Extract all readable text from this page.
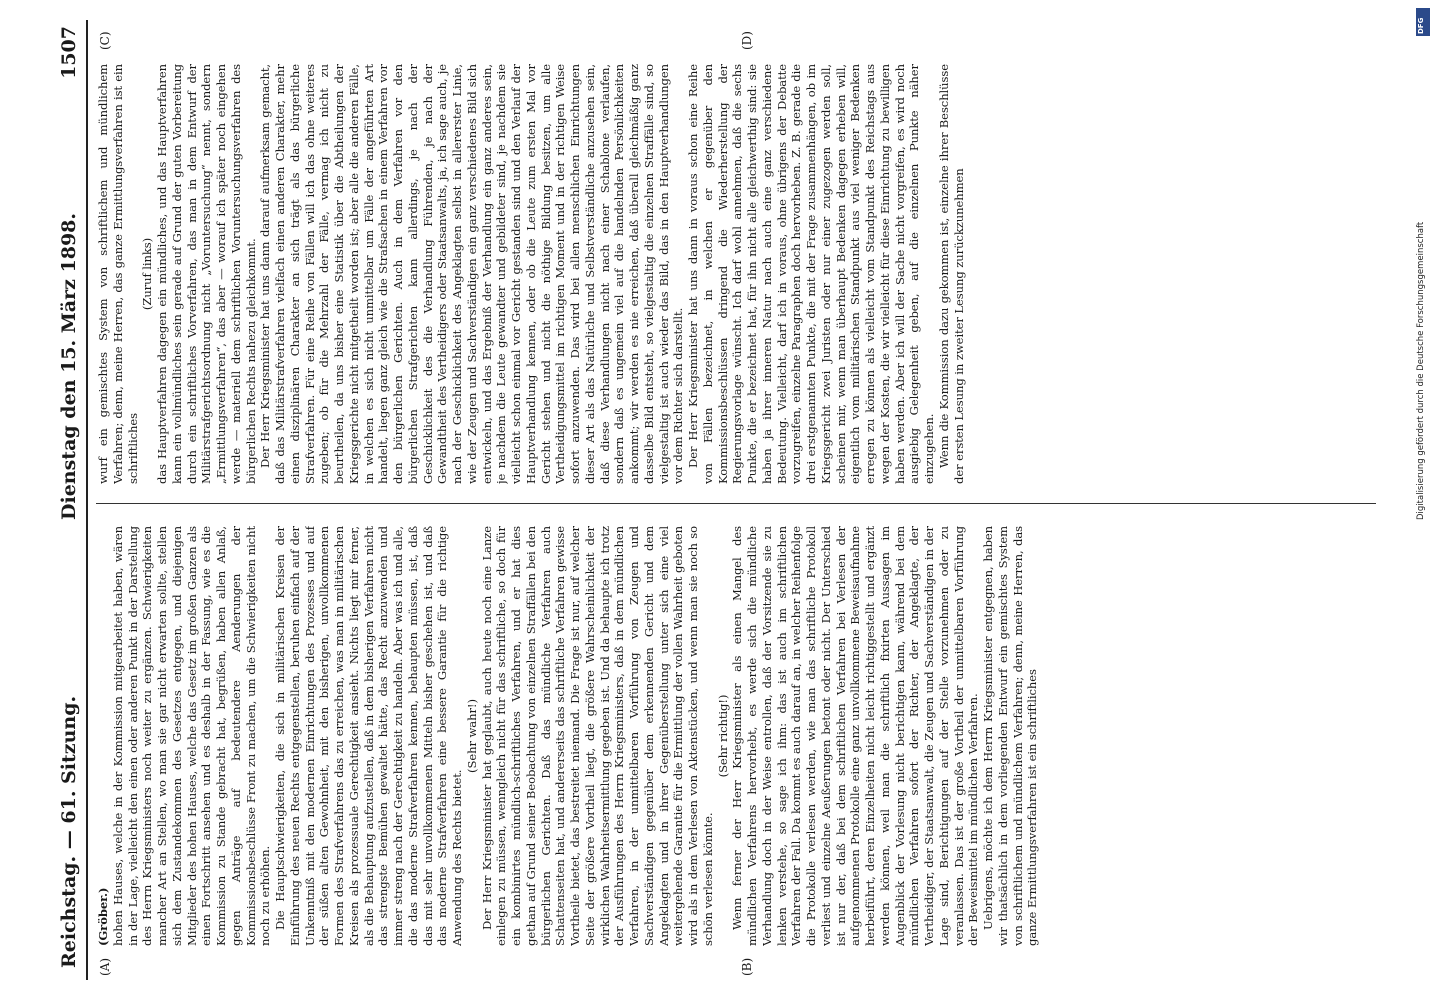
Reichstag. — 61. Sitzung.
Dienstag den 15. März 1898.
1507
(A)	(B)
(C)	(D)

(Gröber.) hohen Hauses, welche in der Kommission mitgearbeitet haben, wären in der Lage, vielleicht den einen oder anderen Punkt in der Darstellung des Herrn Kriegsministers noch weiter zu ergänzen. Schwierigkeiten mancher Art an Stellen, wo man sie gar nicht erwarten sollte, stellen sich dem Zustandekommen des Gesetzes entgegen, und diejenigen Mitglieder des hohen Hauses, welche das Gesetz im großen Ganzen als einen Fortschritt ansehen und es deshalb in der Fassung, wie es die Kommission zu Stande gebracht hat, begrüßen, haben allen Anlaß, gegen Anträge auf bedeutendere Aenderungen der Kommissionsbeschlüsse Front zu machen, um die Schwierigkeiten nicht noch zu erhöhen. Die Hauptschwierigkeiten, die sich in militärischen Kreisen der Einführung des neuen Rechts entgegenstellen, beruhen einfach auf der Unkenntniß mit den modernen Einrichtungen des Prozesses und auf der süßen alten Gewohnheit, mit den bisherigen, unvollkommenen Formen des Strafverfahrens das zu erreichen, was man in militärischen Kreisen als prozessuale Gerechtigkeit ansieht. Nichts liegt mir ferner, als die Behauptung aufzustellen, daß in dem bisherigen Verfahren nicht das strengste Bemühen gewaltet hätte, das Recht anzuwenden und immer streng nach der Gerechtigkeit zu handeln. Aber was ich und alle, die das moderne Strafverfahren kennen, behaupten müssen, ist, daß das mit sehr unvollkommenen Mitteln bisher geschehen ist, und daß das moderne Strafverfahren eine bessere Garantie für die richtige Anwendung des Rechts bietet.

(Sehr wahr!) Der Herr Kriegsminister hat geglaubt, auch heute noch eine Lanze einlegen zu müssen, wenngleich nicht für das schriftliche, so doch für ein kombinirtes mündlich-schriftliches Verfahren, und er hat dies gethan auf Grund seiner Beobachtung von einzelnen Straffällen bei den bürgerlichen Gerichten. Daß das mündliche Verfahren auch Schattenseiten hat, und andererseits das schriftliche Verfahren gewisse Vortheile bietet, das bestreitet niemand. Die Frage ist nur, auf welcher Seite der größere Vortheil liegt, die größere Wahrscheinlichkeit der wirklichen Wahrheitsermittlung gegeben ist. Und da behaupte ich trotz der Ausführungen des Herrn Kriegsministers, daß in dem mündlichen Verfahren, in der unmittelbaren Vorführung von Zeugen und Sachverständigen gegenüber dem erkennenden Gericht und dem Angeklagten und in ihrer Gegenüberstellung unter sich eine viel weitergehende Garantie für die Ermittlung der vollen Wahrheit geboten wird als in dem Verlesen von Aktenstücken, und wenn man sie noch so schön verlesen könnte.

(Sehr richtig!) Wenn ferner der Herr Kriegsminister als einen Mangel des mündlichen Verfahrens hervorhebt, es werde sich die mündliche Verhandlung doch in der Weise entrollen, daß der Vorsitzende sie zu lenken verstehe, so sage ich ihm: das ist auch im schriftlichen Verfahren der Fall. Da kommt es auch darauf an, in welcher Reihenfolge die Protokolle verlesen werden, wie man das schriftliche Protokoll verliest und einzelne Aeußerungen betont oder nicht. Der Unterschied ist nur der, daß bei dem schriftlichen Verfahren bei Verlesen der aufgenommenen Protokolle eine ganz unvollkommene Beweisaufnahme herbeiführt, deren Einzelheiten nicht leicht richtiggestellt und ergänzt werden können, weil man die schriftlich fixirten Aussagen im Augenblick der Vorlesung nicht berichtigen kann, während bei dem mündlichen Verfahren sofort der Richter, der Angeklagte, der Vertheidiger, der Staatsanwalt, die Zeugen und Sachverständigen in der Lage sind, Berichtigungen auf der Stelle vorzunehmen oder zu veranlassen. Das ist der große Vortheil der unmittelbaren Vorführung der Beweismittel im mündlichen Verfahren. Uebrigens, möchte ich dem Herrn Kriegsminister entgegnen, haben wir thatsächlich in dem vorliegenden Entwurf ein gemischtes System von schriftlichem und mündlichem Verfahren; denn, meine Herren, das ganze Ermittlungsverfahren ist ein schriftliches

wurf ein gemischtes System von schriftlichem und mündlichem Verfahren; denn, meine Herren, das ganze Ermittlungsverfahren ist ein schriftliches

(Zuruf links) das Hauptverfahren dagegen ein mündliches, und das Hauptverfahren kann ein vollmündliches sein gerade auf Grund der guten Vorbereitung durch ein schriftliches Vorverfahren, das man in dem Entwurf der Militärstrafgerichtsordnung nicht „Voruntersuchung“ nennt, sondern „Ermittlungsverfahren“, das aber — worauf ich später noch eingehen werde — materiell dem schriftlichen Voruntersuchungsverfahren des bürgerlichen Rechts nahezu gleichkommt. Der Herr Kriegsminister hat uns dann darauf aufmerksam gemacht, daß das Militärstrafverfahren vielfach einen anderen Charakter, mehr einen disziplinären Charakter an sich trägt als das bürgerliche Strafverfahren. Für eine Reihe von Fällen will ich das ohne weiteres zugeben; ob für die Mehrzahl der Fälle, vermag ich nicht zu beurtheilen, da uns bisher eine Statistik über die Abtheilungen der Kriegsgerichte nicht mitgetheilt worden ist; aber alle die anderen Fälle, in welchen es sich nicht unmittelbar um Fälle der angeführten Art handelt, liegen ganz gleich wie die Strafsachen in einem Verfahren vor den bürgerlichen Gerichten. Auch in dem Verfahren vor den bürgerlichen Strafgerichten kann allerdings, je nach der Geschicklichkeit des die Verhandlung Führenden, je nach der Gewandtheit des Vertheidigers oder Staatsanwalts, ja, ich sage auch, je nach der Geschicklichkeit des Angeklagten selbst in allererster Linie, wie der Zeugen und Sachverständigen ein ganz verschiedenes Bild sich entwickeln, und das Ergebniß der Verhandlung ein ganz anderes sein, je nachdem die Leute gewandter und gebildeter sind, je nachdem sie vielleicht schon einmal vor Gericht gestanden sind und den Verlauf der Hauptverhandlung kennen, oder ob die Leute zum ersten Mal vor Gericht stehen und nicht die nöthige Bildung besitzen, um alle Vertheidigungsmittel im richtigen Moment und in der richtigen Weise sofort anzuwenden. Das wird bei allen menschlichen Einrichtungen dieser Art als das Natürliche und Selbstverständliche anzusehen sein, daß diese Verhandlungen nicht nach einer Schablone verlaufen, sondern daß es ungemein viel auf die handelnden Persönlichkeiten ankommt; wir werden es nie erreichen, daß überall gleichmäßig ganz dasselbe Bild entsteht, so vielgestaltig die einzelnen Straffälle sind, so vielgestaltig ist auch wieder das Bild, das in den Hauptverhandlungen vor dem Richter sich darstellt. Der Herr Kriegsminister hat uns dann in voraus schon eine Reihe von Fällen bezeichnet, in welchen er gegenüber den Kommissionsbeschlüssen dringend die Wiederherstellung der Regierungsvorlage wünscht. Ich darf wohl annehmen, daß die sechs Punkte, die er bezeichnet hat, für ihn nicht alle gleichwerthig sind: sie haben ja ihrer inneren Natur nach auch eine ganz verschiedene Bedeutung. Vielleicht, darf ich in voraus, ohne übrigens der Debatte vorzugreifen, einzelne Paragraphen doch hervorheben. Z. B. gerade die drei erstgenannten Punkte, die mit der Frage zusammenhängen, ob im Kriegsgericht zwei Juristen oder nur einer zugezogen werden soll, scheinen mir, wenn man überhaupt Bedenken dagegen erheben will, eigentlich vom militärischen Standpunkt aus viel weniger Bedenken erregen zu können als vielleicht vom Standpunkt des Reichstags aus wegen der Kosten, die wir vielleicht für diese Einrichtung zu bewilligen haben werden. Aber ich will der Sache nicht vorgreifen, es wird noch ausgiebig Gelegenheit geben, auf die einzelnen Punkte näher einzugehen. Wenn die Kommission dazu gekommen ist, einzelne ihrer Beschlüsse der ersten Lesung in zweiter Lesung zurückzunehmen

DFG
Digitalisierung gefördert durch die Deutsche Forschungsgemeinschaft
